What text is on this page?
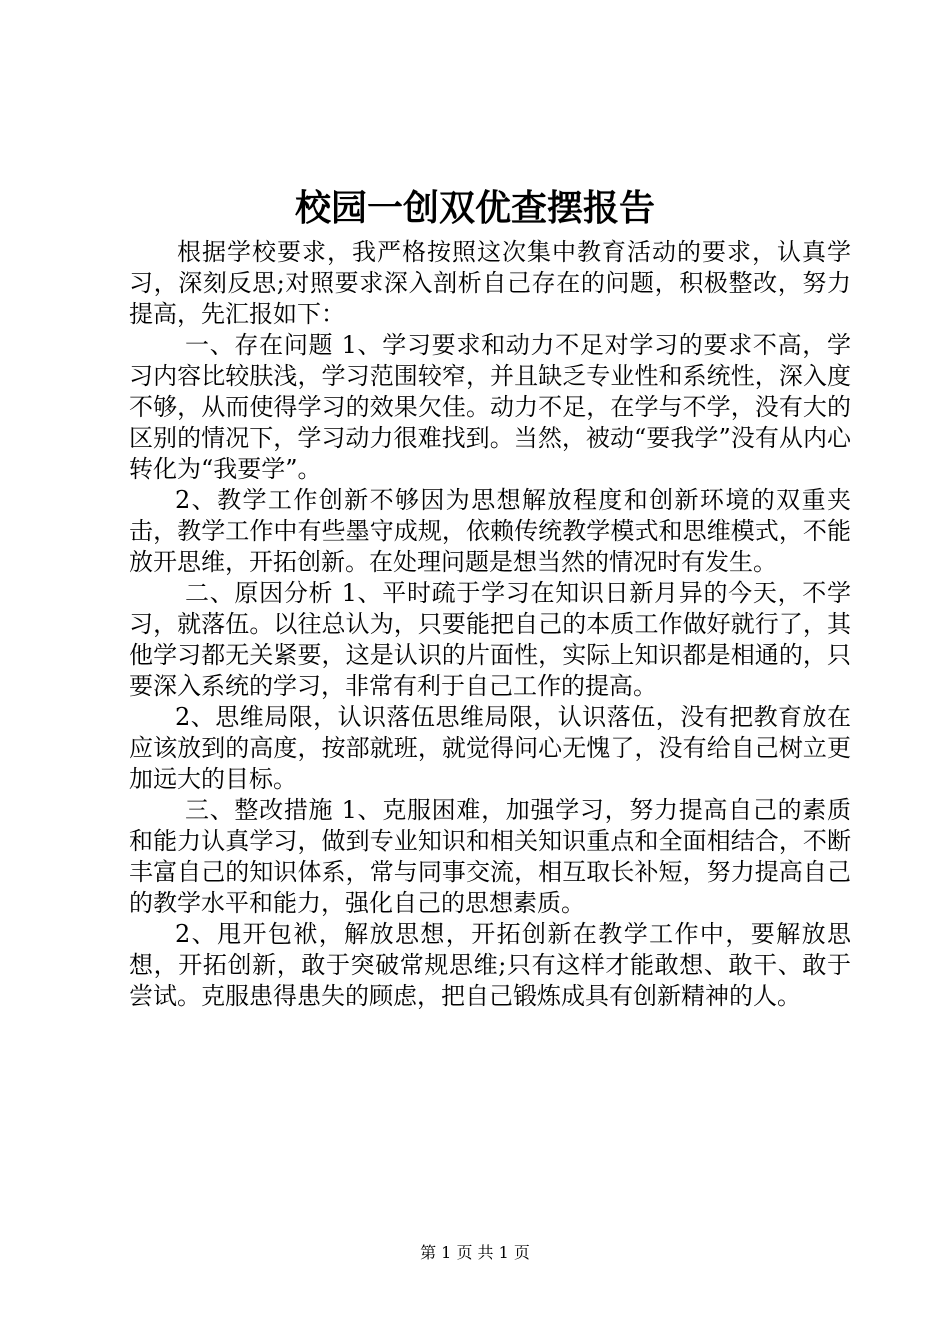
校园一创双优查摆报告

根据学校要求，我严格按照这次集中教育活动的要求，认真学习，深刻反思;对照要求深入剖析自己存在的问题，积极整改，努力提高，先汇报如下：

一、存在问题 1、学习要求和动力不足对学习的要求不高，学习内容比较肤浅，学习范围较窄，并且缺乏专业性和系统性，深入度不够，从而使得学习的效果欠佳。动力不足，在学与不学，没有大的区别的情况下，学习动力很难找到。当然，被动“要我学”没有从内心转化为“我要学”。

2、教学工作创新不够因为思想解放程度和创新环境的双重夹击，教学工作中有些墨守成规，依赖传统教学模式和思维模式，不能放开思维，开拓创新。在处理问题是想当然的情况时有发生。

二、原因分析 1、平时疏于学习在知识日新月异的今天，不学习，就落伍。以往总认为，只要能把自己的本质工作做好就行了，其他学习都无关紧要，这是认识的片面性，实际上知识都是相通的，只要深入系统的学习，非常有利于自己工作的提高。

2、思维局限，认识落伍思维局限，认识落伍，没有把教育放在应该放到的高度，按部就班，就觉得问心无愧了，没有给自己树立更加远大的目标。

三、整改措施 1、克服困难，加强学习，努力提高自己的素质和能力认真学习，做到专业知识和相关知识重点和全面相结合，不断丰富自己的知识体系，常与同事交流，相互取长补短，努力提高自己的教学水平和能力，强化自己的思想素质。

2、甩开包袱，解放思想，开拓创新在教学工作中，要解放思想，开拓创新，敢于突破常规思维;只有这样才能敢想、敢干、敢于尝试。克服患得患失的顾虑，把自己锻炼成具有创新精神的人。

第 1 页 共 1 页
